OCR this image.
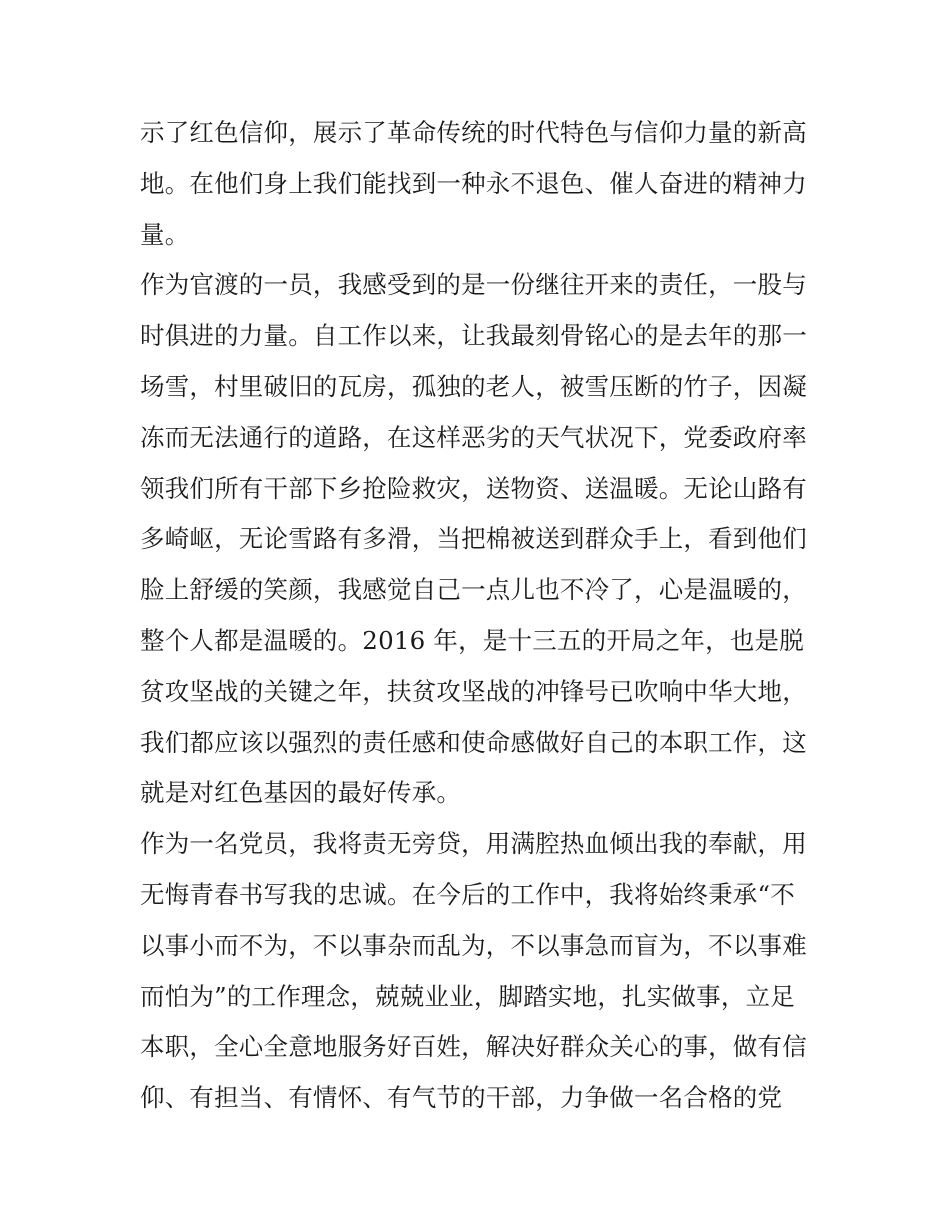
示了红色信仰，展示了革命传统的时代特色与信仰力量的新高
地。在他们身上我们能找到一种永不退色、催人奋进的精神力
量。
作为官渡的一员，我感受到的是一份继往开来的责任，一股与
时俱进的力量。自工作以来，让我最刻骨铭心的是去年的那一
场雪，村里破旧的瓦房，孤独的老人，被雪压断的竹子，因凝
冻而无法通行的道路，在这样恶劣的天气状况下，党委政府率
领我们所有干部下乡抢险救灾，送物资、送温暖。无论山路有
多崎岖，无论雪路有多滑，当把棉被送到群众手上，看到他们
脸上舒缓的笑颜，我感觉自己一点儿也不冷了，心是温暖的，
整个人都是温暖的。2016 年，是十三五的开局之年，也是脱
贫攻坚战的关键之年，扶贫攻坚战的冲锋号已吹响中华大地，
我们都应该以强烈的责任感和使命感做好自己的本职工作，这
就是对红色基因的最好传承。
作为一名党员，我将责无旁贷，用满腔热血倾出我的奉献，用
无悔青春书写我的忠诚。在今后的工作中，我将始终秉承“不
以事小而不为，不以事杂而乱为，不以事急而盲为，不以事难
而怕为”的工作理念，兢兢业业，脚踏实地，扎实做事，立足
本职，全心全意地服务好百姓，解决好群众关心的事，做有信
仰、有担当、有情怀、有气节的干部，力争做一名合格的党
